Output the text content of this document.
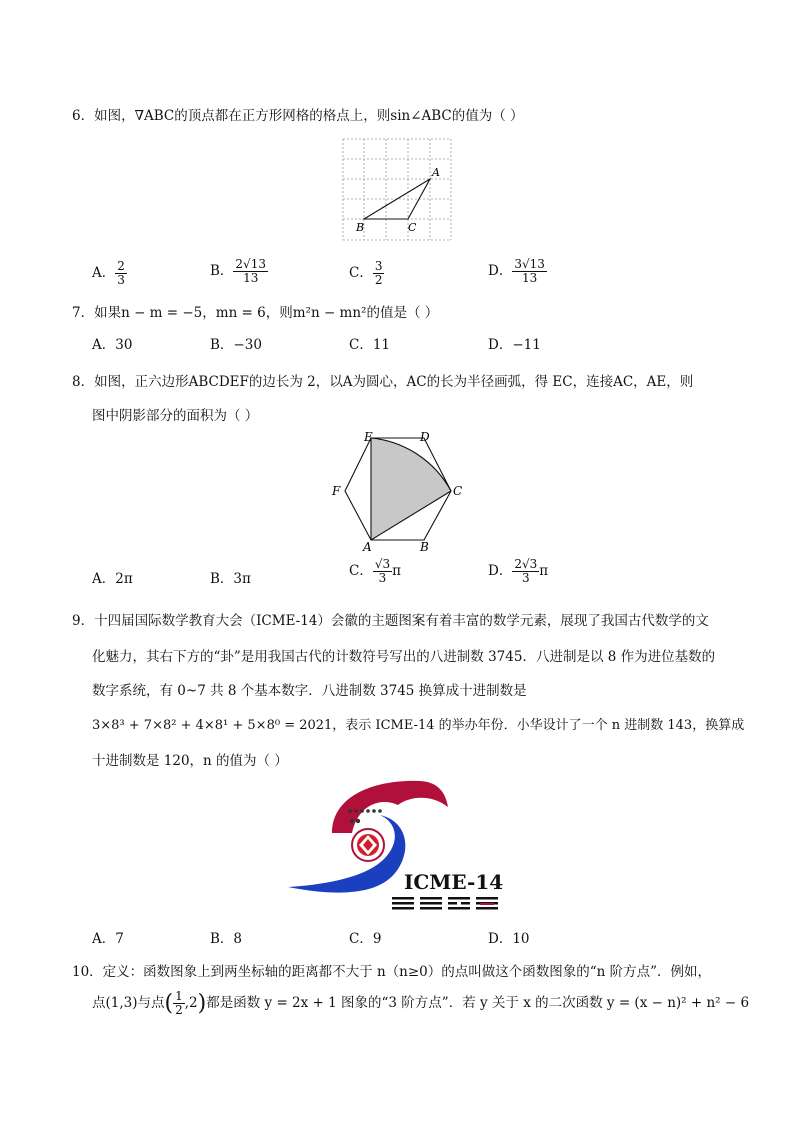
6．如图，∇ABC的顶点都在正方形网格的格点上，则sin∠ABC的值为（ ）
A
B	C
A． $\frac{2}{3}$	B． $\frac{2√13}{13}$	C． $\frac{3}{2}$	D． $\frac{3√13}{13}$
7．如果n − m = −5，mn = 6，则m²n − mn²的值是（ ）
A．30	B．−30	C．11	D．−11
8．如图，正六边形ABCDEF的边长为 2，以A为圆心，AC的长为半径画弧，得 EC，连接AC，AE，则
图中阴影部分的面积为（ ）
E	D
F	C
A	B
A．2π	B．3π	C． $\frac{√3}{3}$ π	D． $\frac{2√3}{3}$ π
9．十四届国际数学教育大会（ICME-14）会徽的主题图案有着丰富的数学元素，展现了我国古代数学的文
化魅力，其右下方的“卦”是用我国古代的计数符号写出的八进制数 3745．八进制是以 8 作为进位基数的
数字系统，有 0~7 共 8 个基本数字．八进制数 3745 换算成十进制数是
3×8³ + 7×8² + 4×8¹ + 5×8⁰ = 2021，表示 ICME-14 的举办年份．小华设计了一个 n 进制数 143，换算成
十进制数是 120，n 的值为（ ）
ICME-14
A．7	B．8	C．9	D．10
10．定义：函数图象上到两坐标轴的距离都不大于 n（n≥0）的点叫做这个函数图象的“n 阶方点”．例如，
点(1,3)与点( $\frac{1}{2} ,2$)都是函数 y = 2x + 1 图象的“3 阶方点”．若 y 关于 x 的二次函数 y = (x − n)² + n² − 6
